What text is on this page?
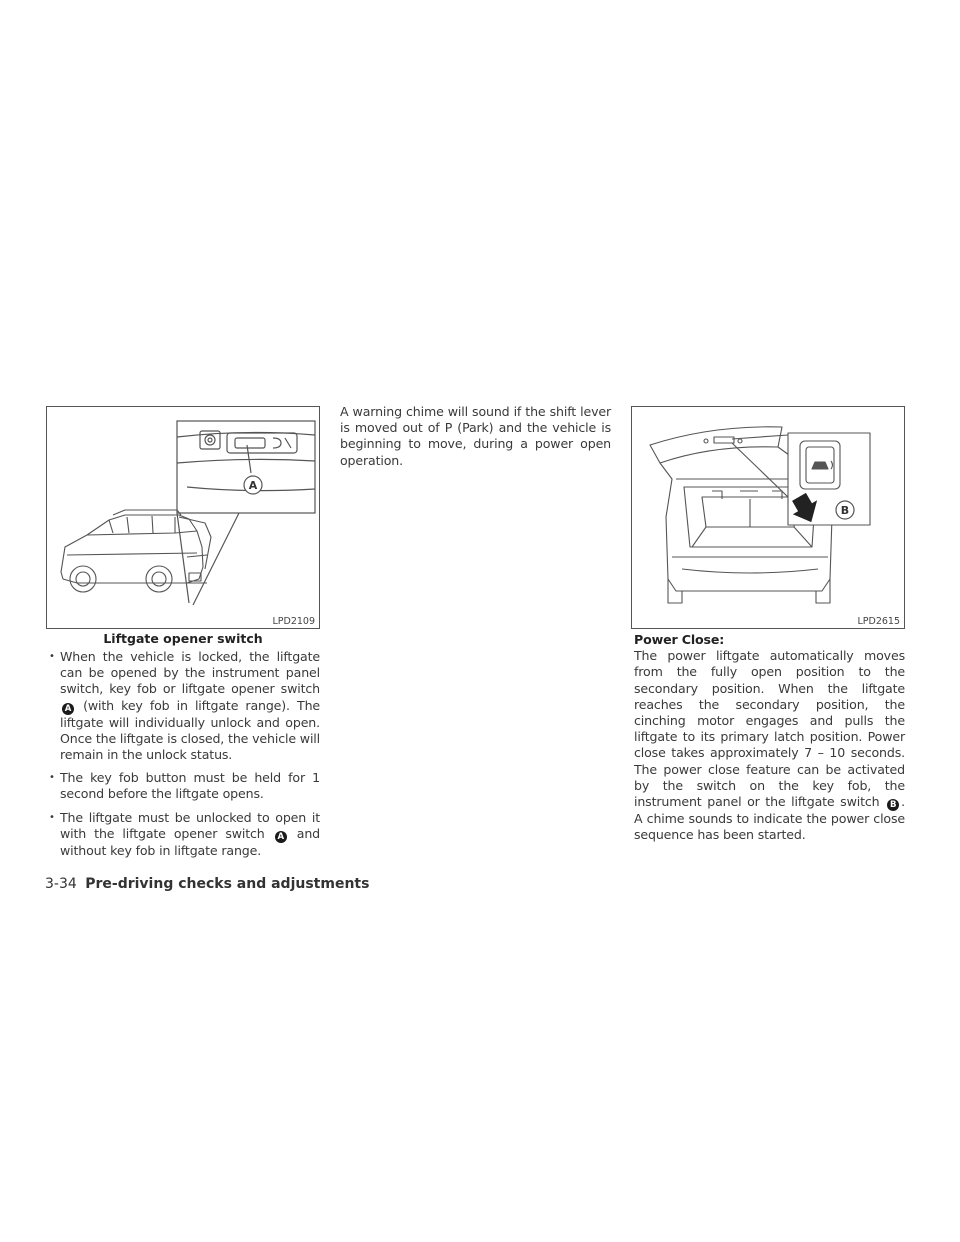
A
LPD2109
Liftgate opener switch
• When the vehicle is locked, the liftgate can be opened by the instrument panel switch, key fob or liftgate opener switch A (with key fob in liftgate range). The liftgate will individually unlock and open. Once the liftgate is closed, the vehicle will remain in the unlock status.
• The key fob button must be held for 1 second before the liftgate opens.
• The liftgate must be unlocked to open it with the liftgate opener switch A and without key fob in liftgate range.

A warning chime will sound if the shift lever is moved out of P (Park) and the vehicle is beginning to move, during a power open operation.

B
LPD2615

Power Close:

The power liftgate automatically moves from the fully open position to the secondary position. When the liftgate reaches the secondary position, the cinching motor engages and pulls the liftgate to its primary latch position. Power close takes approximately 7 – 10 seconds. The power close feature can be activated by the switch on the key fob, the instrument panel or the liftgate switch B . A chime sounds to indicate the power close sequence has been started.

3-34 Pre-driving checks and adjustments
